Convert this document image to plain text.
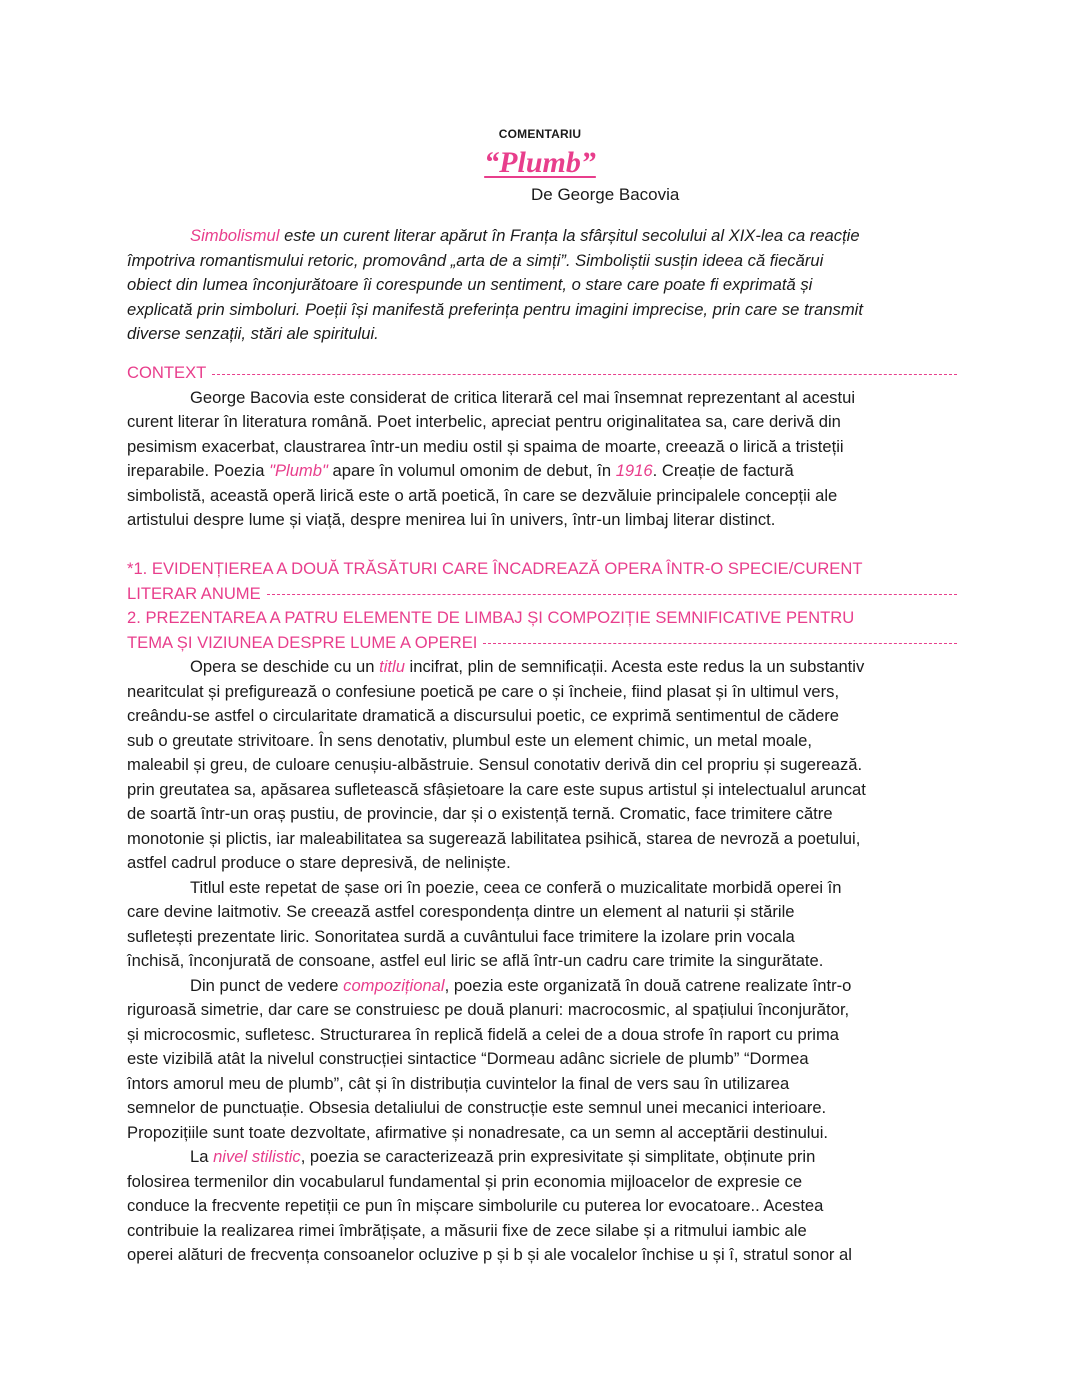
COMENTARIU
“Plumb”
De George Bacovia
Simbolismul este un curent literar apărut în Franța la sfârșitul secolului al XIX-lea ca reacție
împotriva romantismului retoric, promovând „arta de a simți”. Simboliștii susțin ideea că fiecărui
obiect din lumea înconjurătoare îi corespunde un sentiment, o stare care poate fi exprimată și
explicată prin simboluri. Poeții își manifestă preferința pentru imagini imprecise, prin care se transmit
diverse senzații, stări ale spiritului.
CONTEXT
George Bacovia este considerat de critica literară cel mai însemnat reprezentant al acestui
curent literar în literatura română. Poet interbelic, apreciat pentru originalitatea sa, care derivă din
pesimism exacerbat, claustrarea într-un mediu ostil și spaima de moarte, creează o lirică a tristeții
ireparabile. Poezia "Plumb" apare în volumul omonim de debut, în 1916. Creație de factură
simbolistă, această operă lirică este o artă poetică, în care se dezvăluie principalele concepții ale
artistului despre lume și viață, despre menirea lui în univers, într-un limbaj literar distinct.
*1. EVIDENȚIEREA A DOUĂ TRĂSĂTURI CARE ÎNCADREAZĂ OPERA ÎNTR-O SPECIE/CURENT
LITERAR ANUME
2. PREZENTAREA A PATRU ELEMENTE DE LIMBAJ ȘI COMPOZIȚIE SEMNIFICATIVE PENTRU
TEMA ȘI VIZIUNEA DESPRE LUME A OPEREI
Opera se deschide cu un titlu incifrat, plin de semnificații. Acesta este redus la un substantiv
nearitculat și prefigurează o confesiune poetică pe care o și încheie, fiind plasat și în ultimul vers,
creându-se astfel o circularitate dramatică a discursului poetic, ce exprimă sentimentul de cădere
sub o greutate strivitoare. În sens denotativ, plumbul este un element chimic, un metal moale,
maleabil și greu, de culoare cenușiu-albăstruie. Sensul conotativ derivă din cel propriu și sugerează.
prin greutatea sa, apăsarea sufletească sfâșietoare la care este supus artistul și intelectualul aruncat
de soartă într-un oraș pustiu, de provincie, dar și o existență ternă. Cromatic, face trimitere către
monotonie și plictis, iar maleabilitatea sa sugerează labilitatea psihică, starea de nevroză a poetului,
astfel cadrul produce o stare depresivă, de neliniște.
Titlul este repetat de șase ori în poezie, ceea ce conferă o muzicalitate morbidă operei în
care devine laitmotiv. Se creează astfel corespondența dintre un element al naturii și stările
sufletești prezentate liric. Sonoritatea surdă a cuvântului face trimitere la izolare prin vocala
închisă, înconjurată de consoane, astfel eul liric se află într-un cadru care trimite la singurătate.
Din punct de vedere compozițional, poezia este organizată în două catrene realizate într-o
riguroasă simetrie, dar care se construiesc pe două planuri: macrocosmic, al spațiului înconjurător,
și microcosmic, sufletesc. Structurarea în replică fidelă a celei de a doua strofe în raport cu prima
este vizibilă atât la nivelul construcției sintactice “Dormeau adânc sicriele de plumb” “Dormea
întors amorul meu de plumb”, cât și în distribuția cuvintelor la final de vers sau în utilizarea
semnelor de punctuație. Obsesia detaliului de construcție este semnul unei mecanici interioare.
Propozițiile sunt toate dezvoltate, afirmative și nonadresate, ca un semn al acceptării destinului.
La nivel stilistic, poezia se caracterizează prin expresivitate și simplitate, obținute prin
folosirea termenilor din vocabularul fundamental și prin economia mijloacelor de expresie ce
conduce la frecvente repetiții ce pun în mișcare simbolurile cu puterea lor evocatoare.. Acestea
contribuie la realizarea rimei îmbrățișate, a măsurii fixe de zece silabe și a ritmului iambic ale
operei alături de frecvența consoanelor ocluzive p și b și ale vocalelor închise u și î, stratul sonor al
